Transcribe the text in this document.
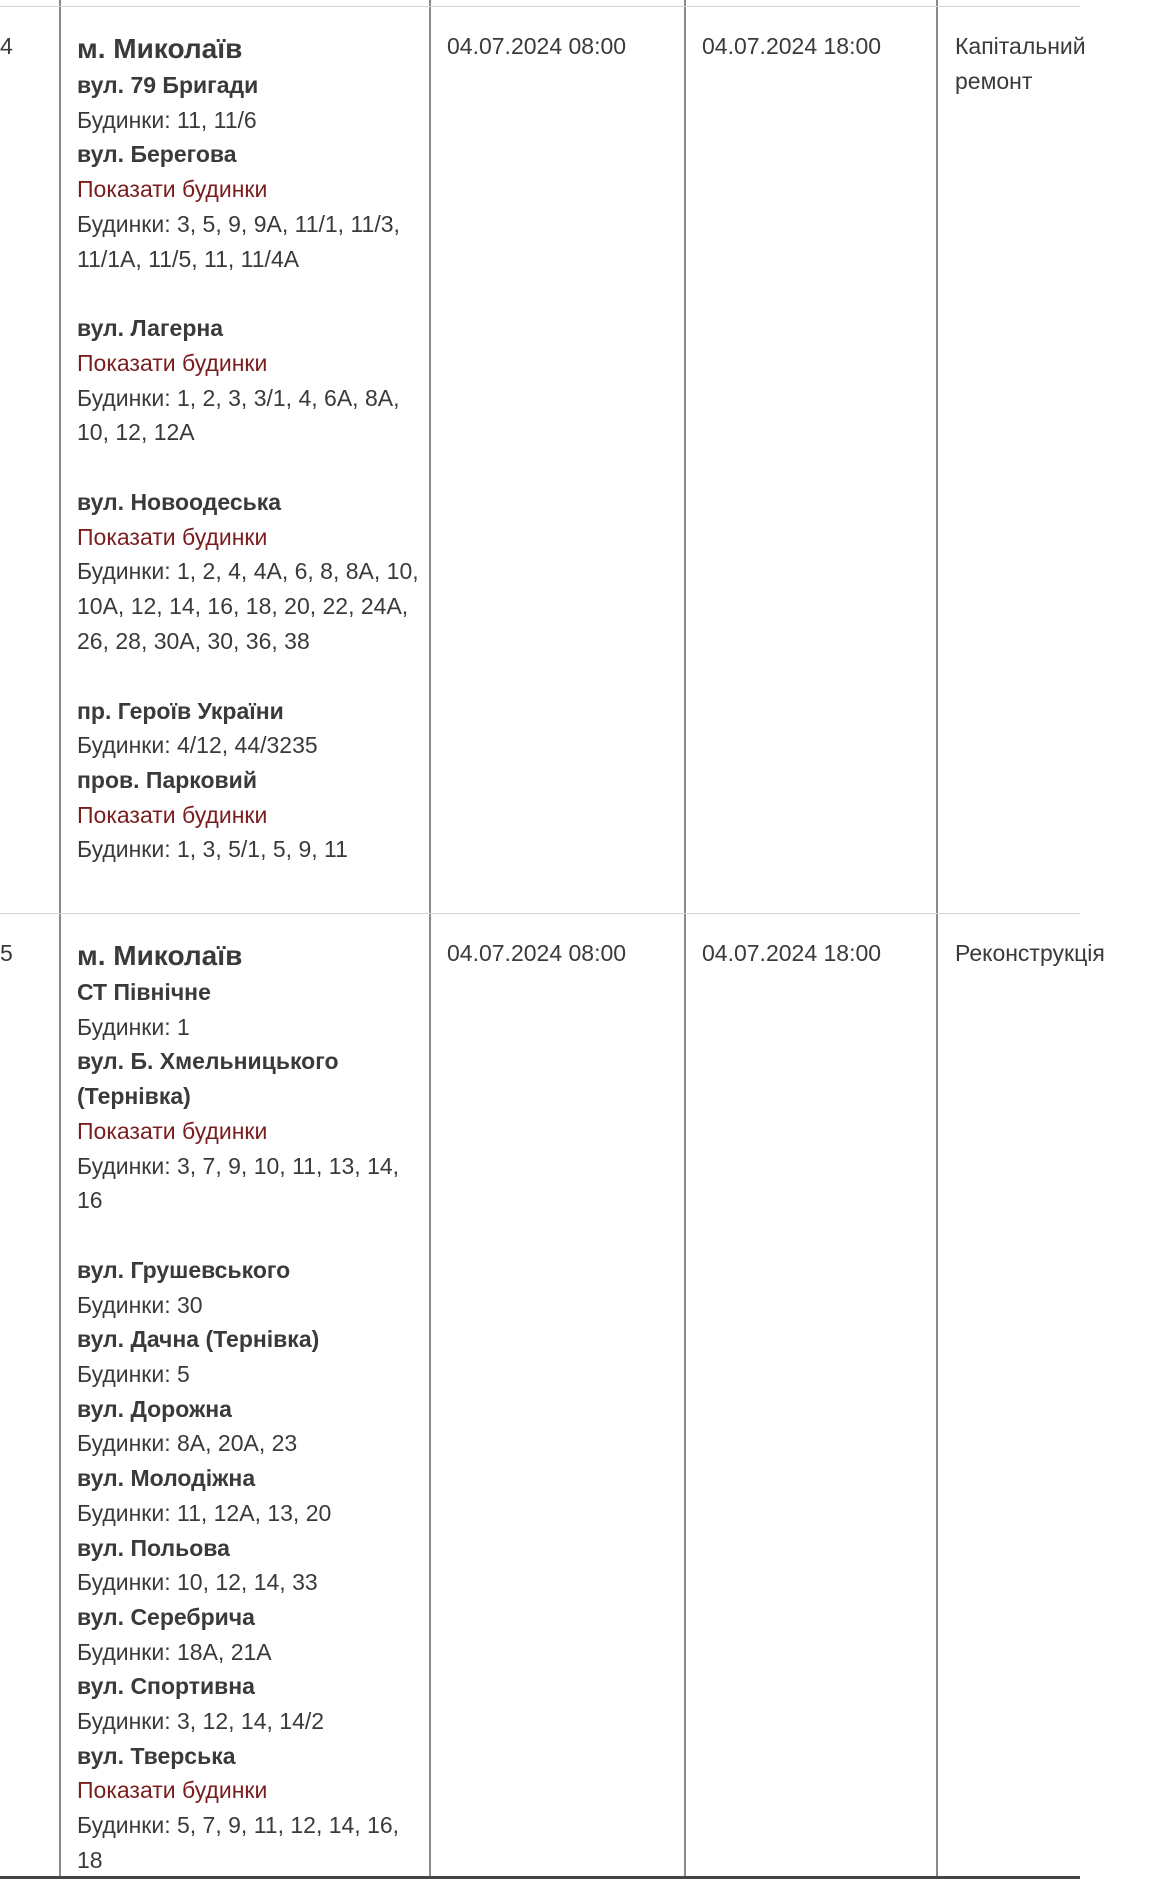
4	м. Миколаїв
вул. 79 Бригади
Будинки: 11, 11/6
вул. Берегова
Показати будинки
Будинки: 3, 5, 9, 9А, 11/1, 11/3, 11/1А, 11/5, 11, 11/4А
вул. Лагерна
Показати будинки
Будинки: 1, 2, 3, 3/1, 4, 6А, 8А, 10, 12, 12А
вул. Новоодеська
Показати будинки
Будинки: 1, 2, 4, 4А, 6, 8, 8А, 10, 10А, 12, 14, 16, 18, 20, 22, 24А, 26, 28, 30А, 30, 36, 38
пр. Героїв України
Будинки: 4/12, 44/3235
пров. Парковий
Показати будинки
Будинки: 1, 3, 5/1, 5, 9, 11
04.07.2024 08:00	04.07.2024 18:00	Капітальний
ремонт
5	м. Миколаїв
СТ Північне
Будинки: 1
вул. Б. Хмельницького (Тернівка)
Показати будинки
Будинки: 3, 7, 9, 10, 11, 13, 14, 16
вул. Грушевського
Будинки: 30
вул. Дачна (Тернівка)
Будинки: 5
вул. Дорожна
Будинки: 8А, 20А, 23
вул. Молодіжна
Будинки: 11, 12А, 13, 20
вул. Польова
Будинки: 10, 12, 14, 33
вул. Серебрича
Будинки: 18А, 21А
вул. Спортивна
Будинки: 3, 12, 14, 14/2
вул. Тверська
Показати будинки
Будинки: 5, 7, 9, 11, 12, 14, 16, 18
04.07.2024 08:00	04.07.2024 18:00	Реконструкція
